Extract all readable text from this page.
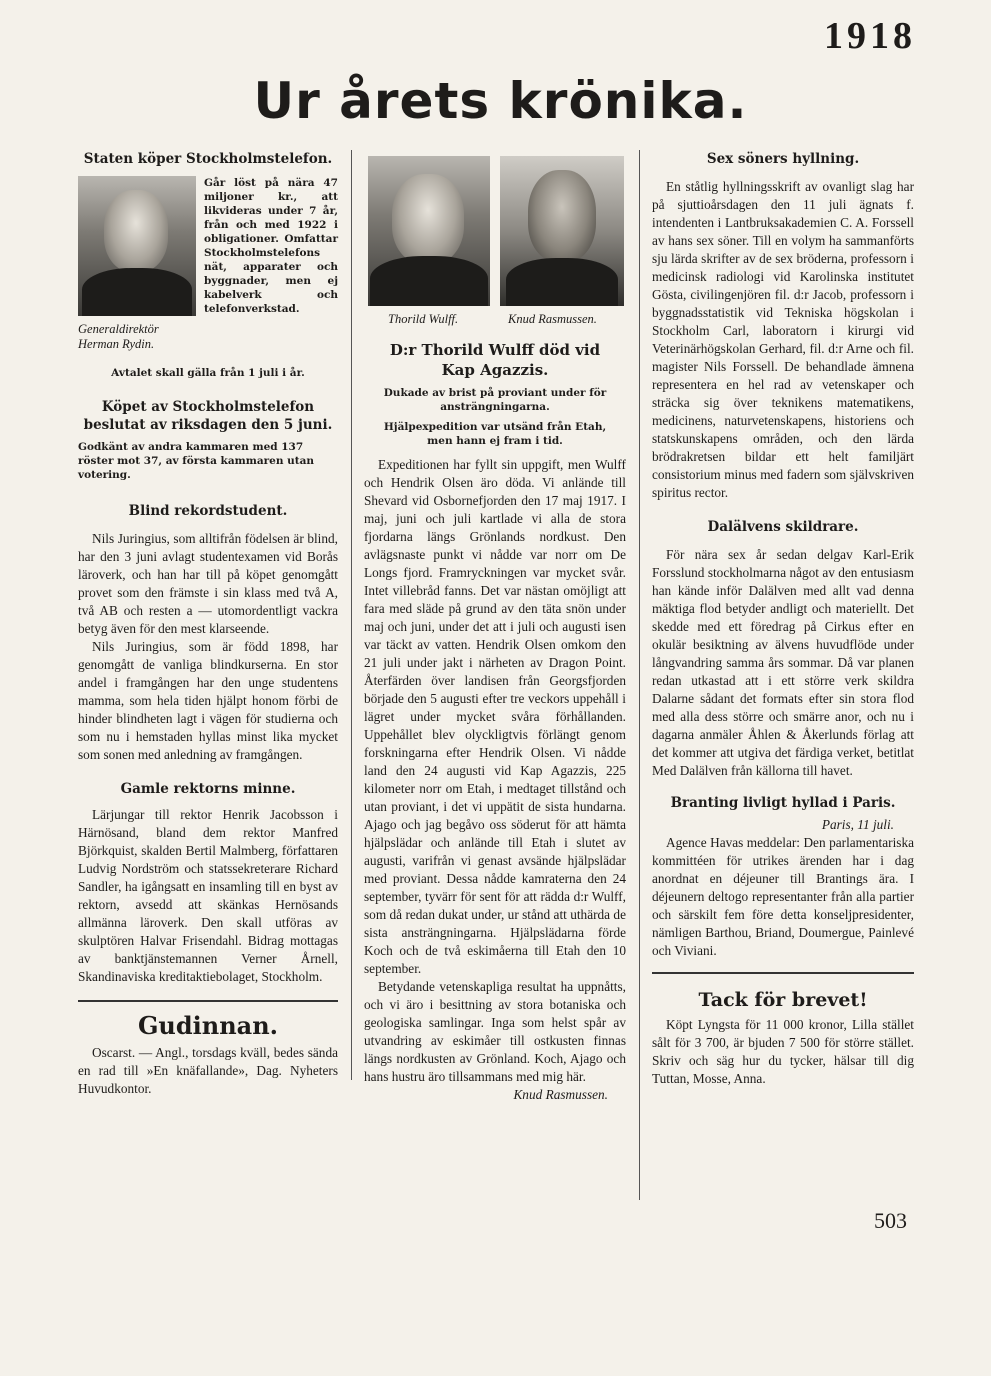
1918
Ur årets krönika.
Staten köper Stockholmstelefon.
Generaldirektör Herman Rydin.
Går löst på nära 47 miljoner kr., att likvideras under 7 år, från och med 1922 i obligationer. Omfattar Stockholmstelefons nät, apparater och byggnader, men ej kabelverk och telefonverkstad.
Avtalet skall gälla från 1 juli i år.
Köpet av Stockholmstelefon beslutat av riksdagen den 5 juni.
Godkänt av andra kammaren med 137 röster mot 37, av första kammaren utan votering.
Blind rekordstudent.

Nils Juringius, som alltifrån födelsen är blind, har den 3 juni avlagt studentexamen vid Borås läroverk, och han har till på köpet genomgått provet som den främste i sin klass med två A, två AB och resten a — utomordentligt vackra betyg även för den mest klarseende.

Nils Juringius, som är född 1898, har genomgått de vanliga blindkurserna. En stor andel i framgången har den unge studentens mamma, som hela tiden hjälpt honom förbi de hinder blindheten lagt i vägen för studierna och som nu i hemstaden hyllas minst lika mycket som sonen med anledning av framgången.

Gamle rektorns minne.

Lärjungar till rektor Henrik Jacobsson i Härnösand, bland dem rektor Manfred Björkquist, skalden Bertil Malmberg, författaren Ludvig Nordström och statssekreterare Richard Sandler, ha igångsatt en insamling till en byst av rektorn, avsedd att skänkas Hernösands allmänna läroverk. Den skall utföras av skulptören Halvar Frisendahl. Bidrag mottagas av banktjänstemannen Verner Årnell, Skandinaviska kreditaktiebolaget, Stockholm.

Gudinnan.

Oscarst. — Angl., torsdags kväll, bedes sända en rad till »En knäfallande», Dag. Nyheters Huvudkontor.

Thorild Wulff.	Knud Rasmussen.
D:r Thorild Wulff död vid Kap Agazzis.
Dukade av brist på proviant under för ansträngningarna.
Hjälpexpedition var utsänd från Etah, men hann ej fram i tid.

Expeditionen har fyllt sin uppgift, men Wulff och Hendrik Olsen äro döda. Vi anlände till Shevard vid Osbornefjorden den 17 maj 1917. I maj, juni och juli kartlade vi alla de stora fjordarna längs Grönlands nordkust. Den avlägsnaste punkt vi nådde var norr om De Longs fjord. Framryckningen var mycket svår. Intet villebråd fanns. Det var nästan omöjligt att fara med släde på grund av den täta snön under maj och juni, under det att i juli och augusti isen var täckt av vatten. Hendrik Olsen omkom den 21 juli under jakt i närheten av Dragon Point. Återfärden över landisen från Georgsfjorden började den 5 augusti efter tre veckors uppehåll i lägret under mycket svåra förhållanden. Uppehållet blev olyckligtvis förlängt genom forskningarna efter Hendrik Olsen. Vi nådde land den 24 augusti vid Kap Agazzis, 225 kilometer norr om Etah, i medtaget tillstånd och utan proviant, i det vi uppätit de sista hundarna. Ajago och jag begåvo oss söderut för att hämta hjälpslädar och anlände till Etah i slutet av augusti, varifrån vi genast avsände hjälpslädar med proviant. Dessa nådde kamraterna den 24 september, tyvärr för sent för att rädda d:r Wulff, som då redan dukat under, ur stånd att uthärda de sista ansträngningarna. Hjälpslädarna förde Koch och de två eskimåerna till Etah den 10 september.

Betydande vetenskapliga resultat ha uppnåtts, och vi äro i besittning av stora botaniska och geologiska samlingar. Inga som helst spår av utvandring av eskimåer till ostkusten finnas längs nordkusten av Grönland. Koch, Ajago och hans hustru äro tillsammans med mig här.

Knud Rasmussen.

Sex söners hyllning.

En ståtlig hyllningsskrift av ovanligt slag har på sjuttioårsdagen den 11 juli ägnats f. intendenten i Lantbruksakademien C. A. Forssell av hans sex söner. Till en volym ha sammanförts sju lärda skrifter av de sex bröderna, professorn i medicinsk radiologi vid Karolinska institutet Gösta, civilingenjören fil. d:r Jacob, professorn i byggnadsstatistik vid Tekniska högskolan i Stockholm Carl, laboratorn i kirurgi vid Veterinärhögskolan Gerhard, fil. d:r Arne och fil. magister Nils Forssell. De behandlade ämnena representera en hel rad av vetenskaper och sträcka sig över teknikens matematikens, medicinens, naturvetenskapens, historiens och statskunskapens områden, och den lärda brödrakretsen bildar ett helt familjärt consistorium minus med fadern som självskriven spiritus rector.

Dalälvens skildrare.

För nära sex år sedan delgav Karl-Erik Forsslund stockholmarna något av den entusiasm han kände inför Dalälven med allt vad denna mäktiga flod betyder andligt och materiellt. Det skedde med ett föredrag på Cirkus efter en okulär besiktning av älvens huvudflöde under långvandring samma års sommar. Då var planen redan utkastad att i ett större verk skildra Dalarne sådant det formats efter sin stora flod med alla dess större och smärre anor, och nu i dagarna anmäler Åhlen & Åkerlunds förlag att det kommer att utgiva det färdiga verket, betitlat Med Dalälven från källorna till havet.

Branting livligt hyllad i Paris.

Paris, 11 juli.

Agence Havas meddelar: Den parlamentariska kommittéen för utrikes ärenden har i dag anordnat en déjeuner till Brantings ära. I déjeunern deltogo representanter från alla partier och särskilt fem före detta konseljpresidenter, nämligen Barthou, Briand, Doumergue, Painlevé och Viviani.

Tack för brevet!

Köpt Lyngsta för 11 000 kronor, Lilla stället sålt för 3 700, är bjuden 7 500 för större stället. Skriv och säg hur du tycker, hälsar till dig Tuttan, Mosse, Anna.

503
